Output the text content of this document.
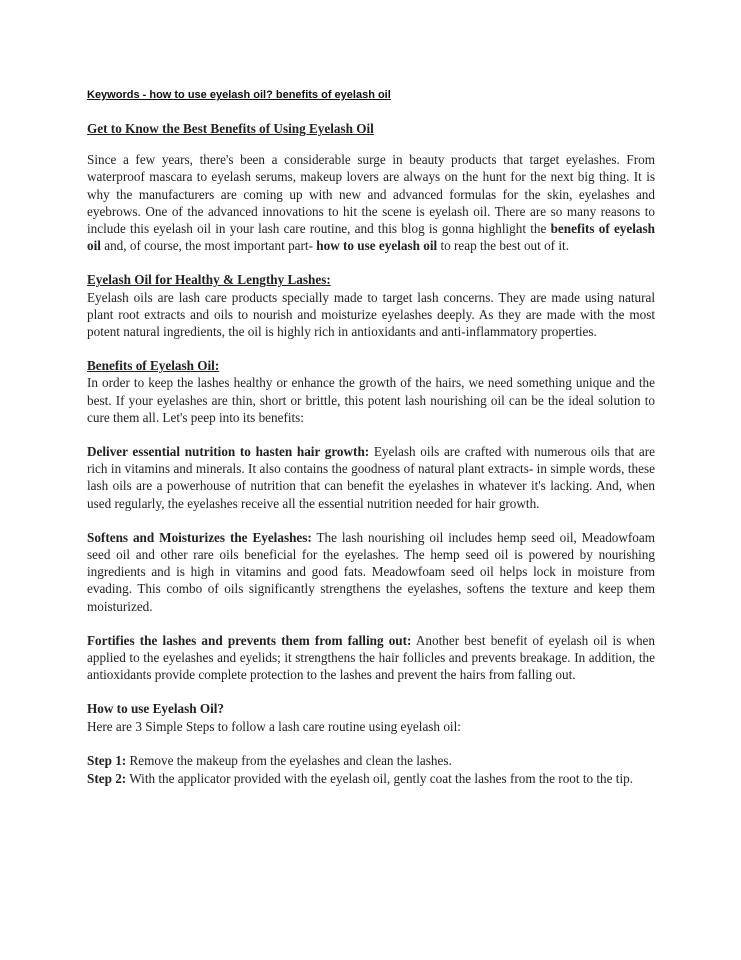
Keywords - how to use eyelash oil? benefits of eyelash oil
Get to Know the Best Benefits of Using Eyelash Oil

Since a few years, there's been a considerable surge in beauty products that target eyelashes. From waterproof mascara to eyelash serums, makeup lovers are always on the hunt for the next big thing. It is why the manufacturers are coming up with new and advanced formulas for the skin, eyelashes and eyebrows. One of the advanced innovations to hit the scene is eyelash oil. There are so many reasons to include this eyelash oil in your lash care routine, and this blog is gonna highlight the benefits of eyelash oil and, of course, the most important part- how to use eyelash oil to reap the best out of it.

Eyelash Oil for Healthy & Lengthy Lashes:

Eyelash oils are lash care products specially made to target lash concerns. They are made using natural plant root extracts and oils to nourish and moisturize eyelashes deeply. As they are made with the most potent natural ingredients, the oil is highly rich in antioxidants and anti-inflammatory properties.

Benefits of Eyelash Oil:

In order to keep the lashes healthy or enhance the growth of the hairs, we need something unique and the best. If your eyelashes are thin, short or brittle, this potent lash nourishing oil can be the ideal solution to cure them all. Let's peep into its benefits:

Deliver essential nutrition to hasten hair growth: Eyelash oils are crafted with numerous oils that are rich in vitamins and minerals. It also contains the goodness of natural plant extracts- in simple words, these lash oils are a powerhouse of nutrition that can benefit the eyelashes in whatever it's lacking. And, when used regularly, the eyelashes receive all the essential nutrition needed for hair growth.

Softens and Moisturizes the Eyelashes: The lash nourishing oil includes hemp seed oil, Meadowfoam seed oil and other rare oils beneficial for the eyelashes. The hemp seed oil is powered by nourishing ingredients and is high in vitamins and good fats. Meadowfoam seed oil helps lock in moisture from evading. This combo of oils significantly strengthens the eyelashes, softens the texture and keep them moisturized.

Fortifies the lashes and prevents them from falling out: Another best benefit of eyelash oil is when applied to the eyelashes and eyelids; it strengthens the hair follicles and prevents breakage. In addition, the antioxidants provide complete protection to the lashes and prevent the hairs from falling out.

How to use Eyelash Oil?

Here are 3 Simple Steps to follow a lash care routine using eyelash oil:

Step 1: Remove the makeup from the eyelashes and clean the lashes.

Step 2: With the applicator provided with the eyelash oil, gently coat the lashes from the root to the tip.
